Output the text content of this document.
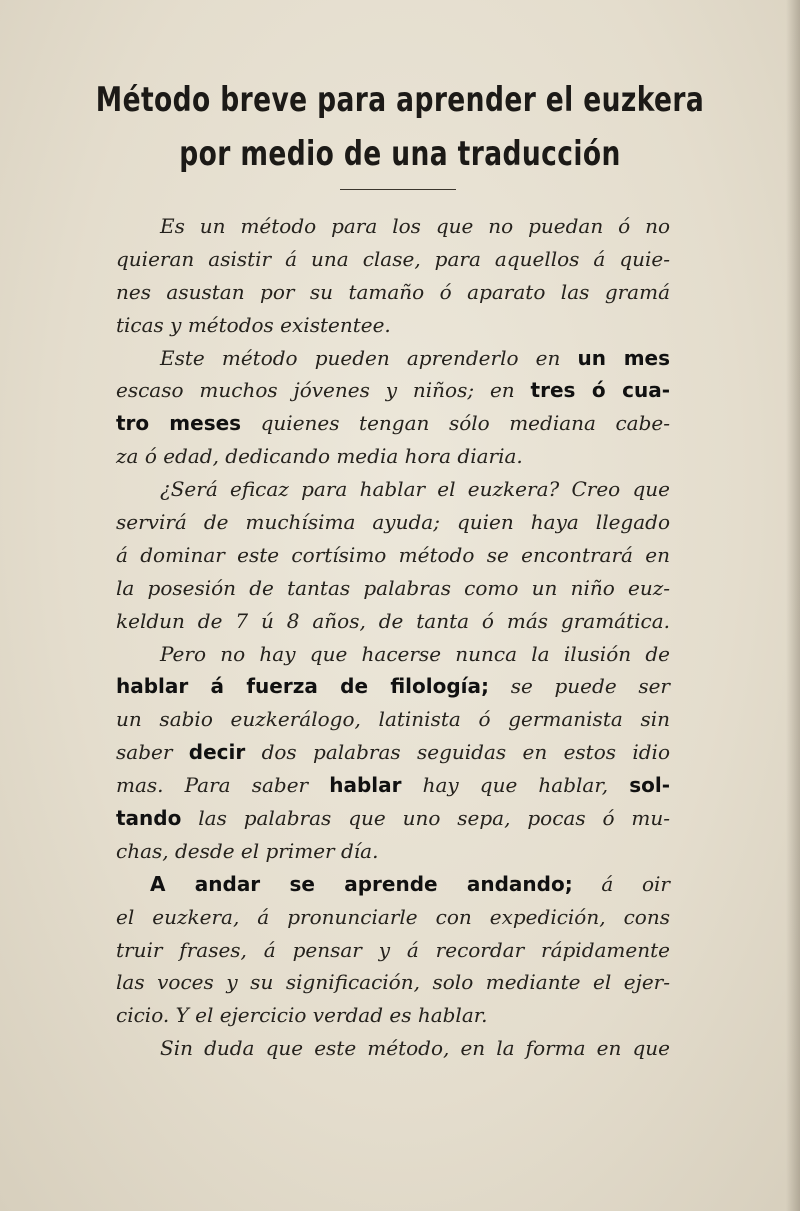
Método breve para aprender el euzkera
por medio de una traducción
Es un método para los que no puedan ó no
quieran asistir á una clase, para aquellos á quie-
nes asustan por su tamaño ó aparato las gramá
ticas y métodos existentee.
Este método pueden aprenderlo en un mes
escaso muchos jóvenes y niños; en tres ó cua-
tro meses quienes tengan sólo mediana cabe-
za ó edad, dedicando media hora diaria.
¿Será eficaz para hablar el euzkera? Creo que
servirá de muchísima ayuda; quien haya llegado
á dominar este cortísimo método se encontrará en
la posesión de tantas palabras como un niño euz-
keldun de 7 ú 8 años, de tanta ó más gramática.
Pero no hay que hacerse nunca la ilusión de
hablar á fuerza de filología; se puede ser
un sabio euzkerálogo, latinista ó germanista sin
saber decir dos palabras seguidas en estos idio
mas. Para saber hablar hay que hablar, sol-
tando las palabras que uno sepa, pocas ó mu-
chas, desde el primer día.
A andar se aprende andando; á oir
el euzkera, á pronunciarle con expedición, cons
truir frases, á pensar y á recordar rápidamente
las voces y su significación, solo mediante el ejer-
cicio. Y el ejercicio verdad es hablar.
Sin duda que este método, en la forma en que
